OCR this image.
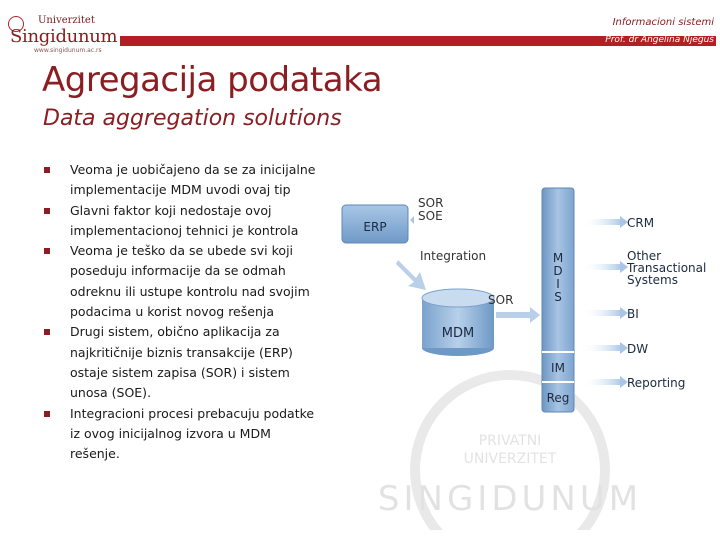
Univerzitet
Singidunum
www.singidunum.ac.rs
Informacioni sistemi
Prof. dr Angelina Njeguš
Agregacija podataka
Data aggregation solutions
Veoma je uobičajeno da se za inicijalne implementacije MDM uvodi ovaj tip
Glavni faktor koji nedostaje ovoj implementacionoj tehnici je kontrola
Veoma je teško da se ubede svi koji poseduju informacije da se odmah odreknu ili ustupe kontrolu nad svojim podacima u korist novog rešenja
Drugi sistem, obično aplikacija za najkritičnije biznis transakcije (ERP) ostaje sistem zapisa (SOR) i sistem unosa (SOE).
Integracioni procesi prebacuju podatke iz ovog inicijalnog izvora u MDM rešenje.
PRIVATNI
UNIVERZITET
SINGIDUNUM
ERP
SOR
SOE
Integration
MDM
SOR
M
D
I
S
IM
Reg
CRM
Other
Transactional
Systems
BI
DW
Reporting
